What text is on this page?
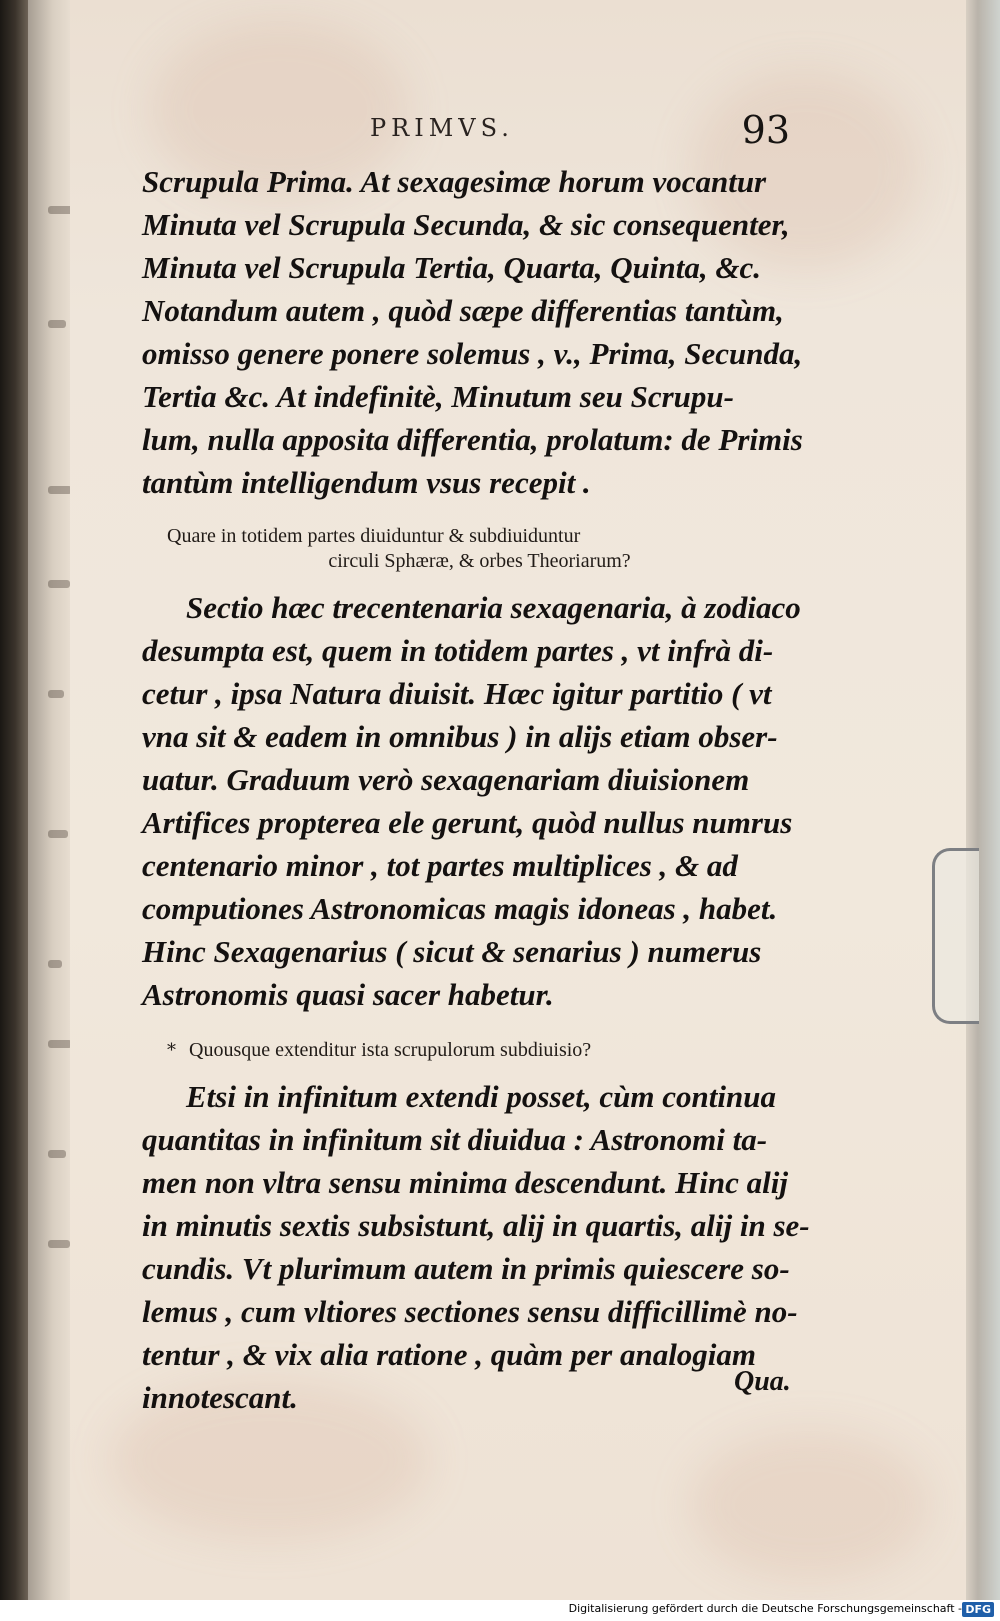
PRIMVS.	93

Scrupula Prima. At sexagesimæ horum vocantur
Minuta vel Scrupula Secunda, & sic consequenter,
Minuta vel Scrupula Tertia, Quarta, Quinta, &c.
Notandum autem , quòd sæpe differentias tantùm,
omisso genere ponere solemus , v., Prima, Secunda,
Tertia &c. At indefinitè, Minutum seu Scrupu-
lum, nulla apposita differentia, prolatum: de Primis
tantùm intelligendum vsus recepit .

Quare in totidem partes diuiduntur & subdiuiduntur
circuli Sphæræ, & orbes Theoriarum?

Sectio hæc trecentenaria sexagenaria, à zodiaco
desumpta est, quem in totidem partes , vt infrà di-
cetur , ipsa Natura diuisit. Hæc igitur partitio ( vt
vna sit & eadem in omnibus ) in alijs etiam obser-
uatur. Graduum verò sexagenariam diuisionem
Artifices propterea ele gerunt, quòd nullus numrus
centenario minor , tot partes multiplices , & ad
computiones Astronomicas magis idoneas , habet.
Hinc Sexagenarius ( sicut & senarius ) numerus
Astronomis quasi sacer habetur.

* Quousque extenditur ista scrupulorum subdiuisio?

Etsi in infinitum extendi posset, cùm continua
quantitas in infinitum sit diuidua : Astronomi ta-
men non vltra sensu minima descendunt. Hinc alij
in minutis sextis subsistunt, alij in quartis, alij in se-
cundis. Vt plurimum autem in primis quiescere so-
lemus , cum vltiores sectiones sensu difficillimè no-
tentur , & vix alia ratione , quàm per analogiam
innotescant.	Qua.
Digitalisierung gefördert durch die Deutsche Forschungsgemeinschaft - DFG
